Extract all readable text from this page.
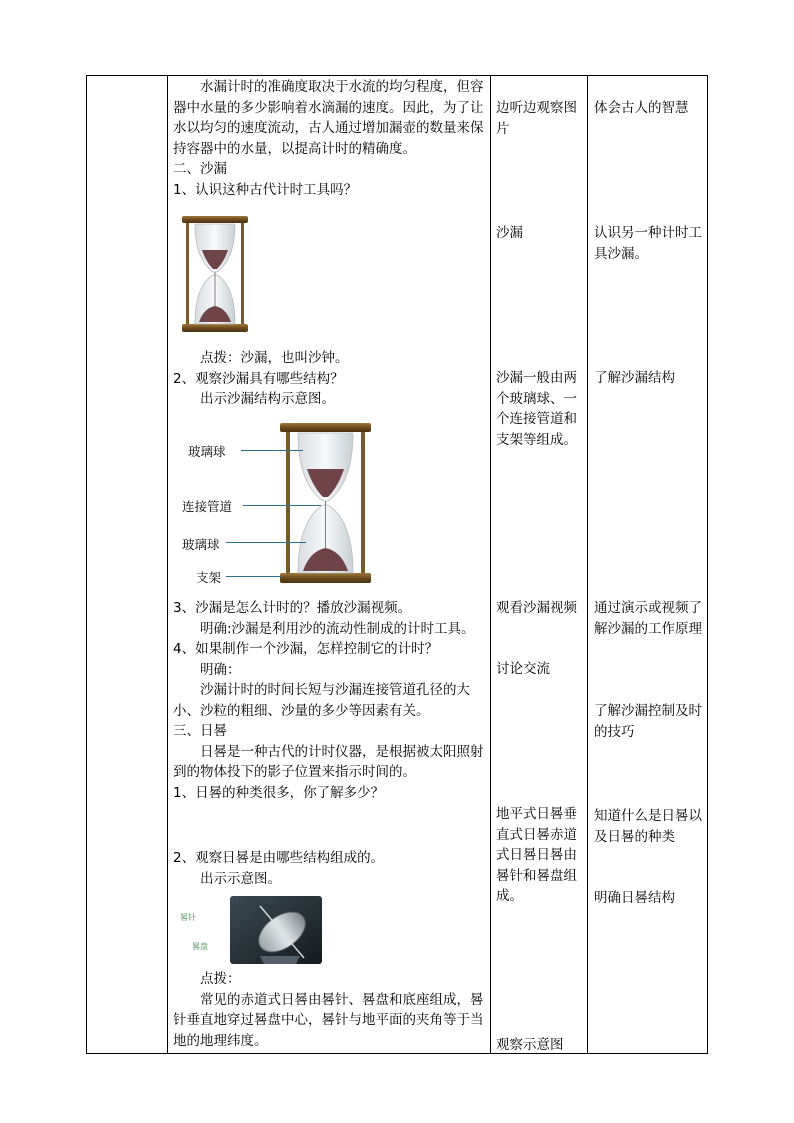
水漏计时的准确度取决于水流的均匀程度，但容器中水量的多少影响着水滴漏的速度。因此，为了让水以均匀的速度流动，古人通过增加漏壶的数量来保持容器中的水量，以提高计时的精确度。

二、沙漏

1、认识这种古代计时工具吗？

点拨：沙漏，也叫沙钟。

2、观察沙漏具有哪些结构？

出示沙漏结构示意图。

玻璃球
连接管道
玻璃球
支架

3、沙漏是怎么计时的？播放沙漏视频。

明确:沙漏是利用沙的流动性制成的计时工具。

4、如果制作一个沙漏，怎样控制它的计时？

明确：

沙漏计时的时间长短与沙漏连接管道孔径的大小、沙粒的粗细、沙量的多少等因素有关。

三、日晷

日晷是一种古代的计时仪器，是根据被太阳照射到的物体投下的影子位置来指示时间的。

1、日晷的种类很多，你了解多少？

2、观察日晷是由哪些结构组成的。

出示示意图。

晷针
晷盘

点拨：

常见的赤道式日晷由晷针、晷盘和底座组成，晷针垂直地穿过晷盘中心，晷针与地平面的夹角等于当地的地理纬度。

边听边观察图片
沙漏
沙漏一般由两个玻璃球、一个连接管道和支架等组成。
观看沙漏视频
讨论交流
地平式日晷垂直式日晷赤道式日晷日晷由晷针和晷盘组成。
观察示意图
体会古人的智慧
认识另一种计时工具沙漏。
了解沙漏结构
通过演示或视频了解沙漏的工作原理
了解沙漏控制及时的技巧
知道什么是日晷以及日晷的种类
明确日晷结构
